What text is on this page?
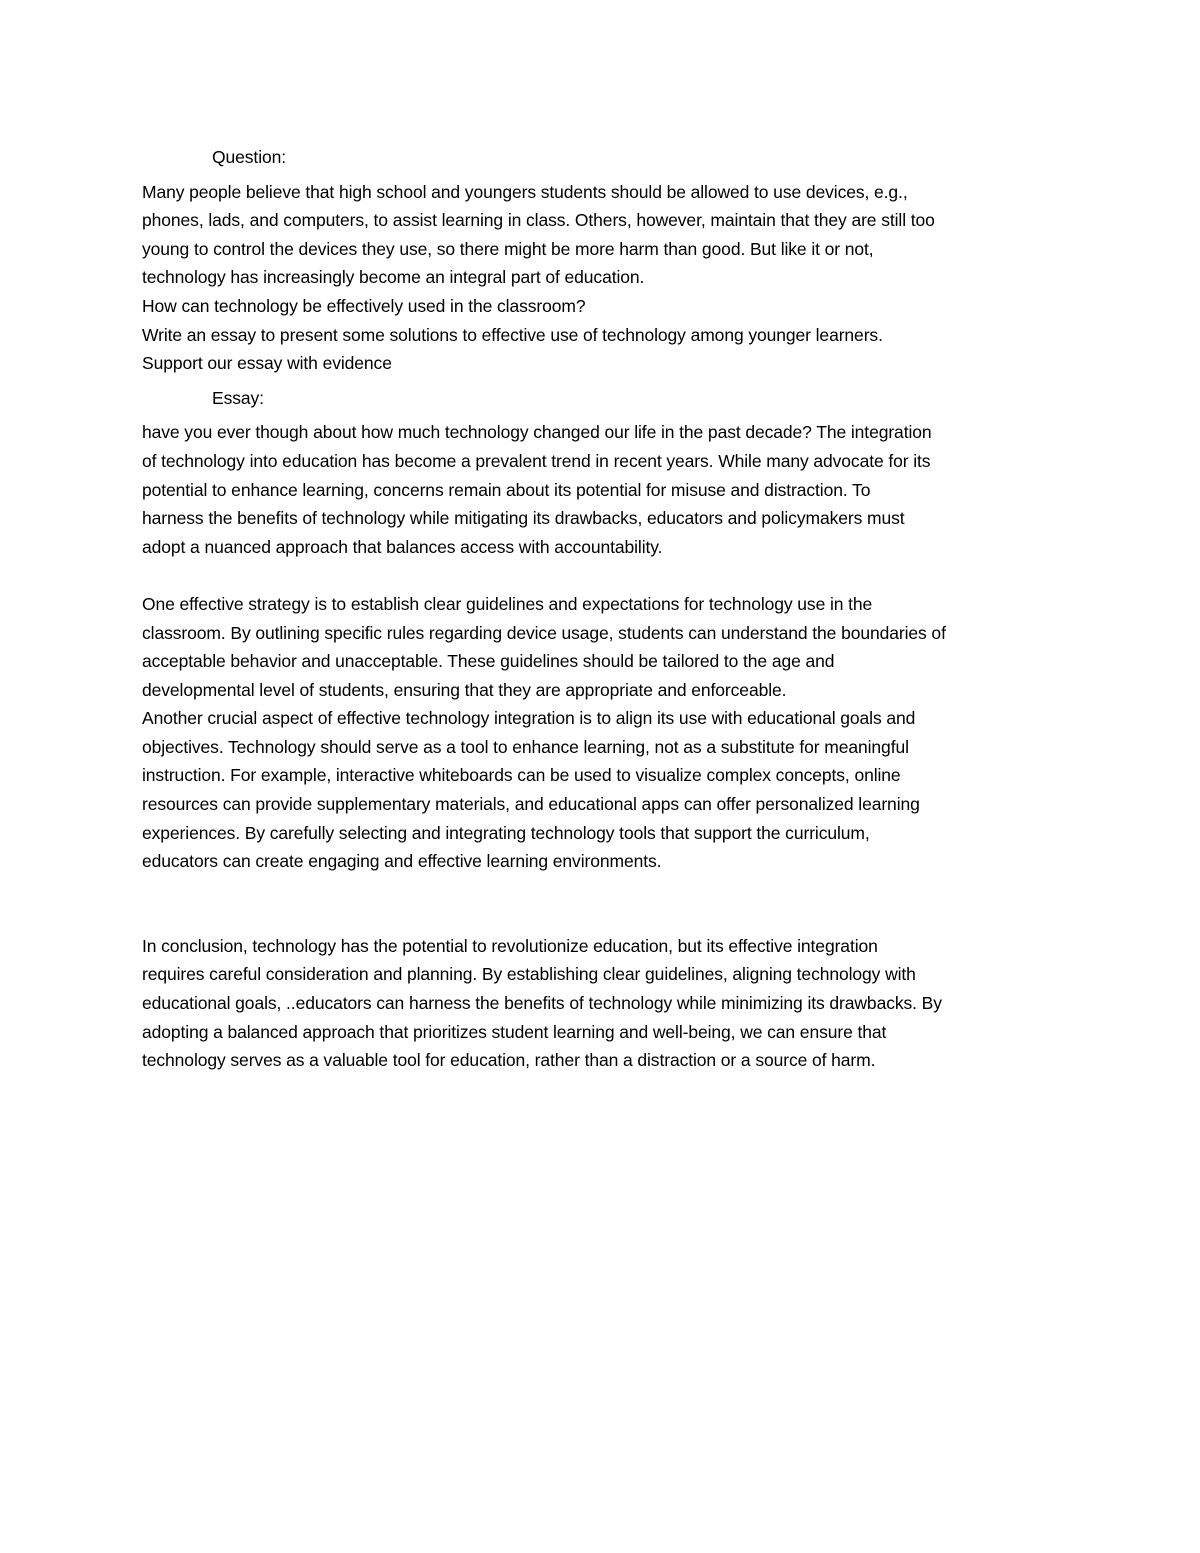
Question:
Many people believe that high school and youngers students should be allowed to use devices, e.g.,
phones, lads, and computers, to assist learning in class. Others, however, maintain that they are still too
young to control the devices they use, so there might be more harm than good. But like it or not,
technology has increasingly become an integral part of education.
How can technology be effectively used in the classroom?
Write an essay to present some solutions to effective use of technology among younger learners.
Support our essay with evidence
Essay:
have you ever though about how much technology changed our life in the past decade? The integration
of technology into education has become a prevalent trend in recent years. While many advocate for its
potential to enhance learning, concerns remain about its potential for misuse and distraction. To
harness the benefits of technology while mitigating its drawbacks, educators and policymakers must
adopt a nuanced approach that balances access with accountability.
One effective strategy is to establish clear guidelines and expectations for technology use in the
classroom. By outlining specific rules regarding device usage, students can understand the boundaries of
acceptable behavior and unacceptable. These guidelines should be tailored to the age and
developmental level of students, ensuring that they are appropriate and enforceable.
Another crucial aspect of effective technology integration is to align its use with educational goals and
objectives. Technology should serve as a tool to enhance learning, not as a substitute for meaningful
instruction. For example, interactive whiteboards can be used to visualize complex concepts, online
resources can provide supplementary materials, and educational apps can offer personalized learning
experiences. By carefully selecting and integrating technology tools that support the curriculum,
educators can create engaging and effective learning environments.
In conclusion, technology has the potential to revolutionize education, but its effective integration
requires careful consideration and planning. By establishing clear guidelines, aligning technology with
educational goals, ..educators can harness the benefits of technology while minimizing its drawbacks. By
adopting a balanced approach that prioritizes student learning and well-being, we can ensure that
technology serves as a valuable tool for education, rather than a distraction or a source of harm.
